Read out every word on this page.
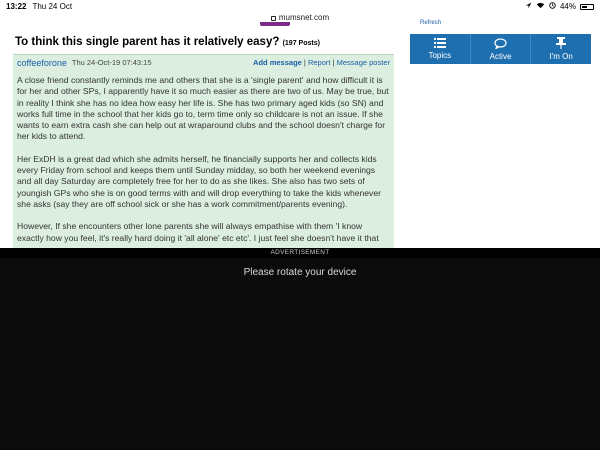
13:22 Thu 24 Oct	44%
mumsnet.com
To think this single parent has it relatively easy? (197 Posts)
Refresh
Topics	Active	I'm On
coffeeforone Thu 24-Oct-19 07:43:15	Add message | Report | Message poster

A close friend constantly reminds me and others that she is a 'single parent' and how difficult it is for her and other SPs, I apparently have it so much easier as there are two of us. May be true, but in reality I think she has no idea how easy her life is. She has two primary aged kids (so SN) and works full time in the school that her kids go to, term time only so childcare is not an issue. If she wants to earn extra cash she can help out at wraparound clubs and the school doesn't charge for her kids to attend.

Her ExDH is a great dad which she admits herself, he financially supports her and collects kids every Friday from school and keeps them until Sunday midday, so both her weekend evenings and all day Saturday are completely free for her to do as she likes. She also has two sets of youngish GPs who she is on good terms with and will drop everything to take the kids whenever she asks (say they are off school sick or she has a work commitment/parents evening).

However, If she encounters other lone parents she will always empathise with them 'I know exactly how you feel, it's really hard doing it 'all alone' etc etc'. I just feel she doesn't have it that

ADVERTISEMENT
Please rotate your device
